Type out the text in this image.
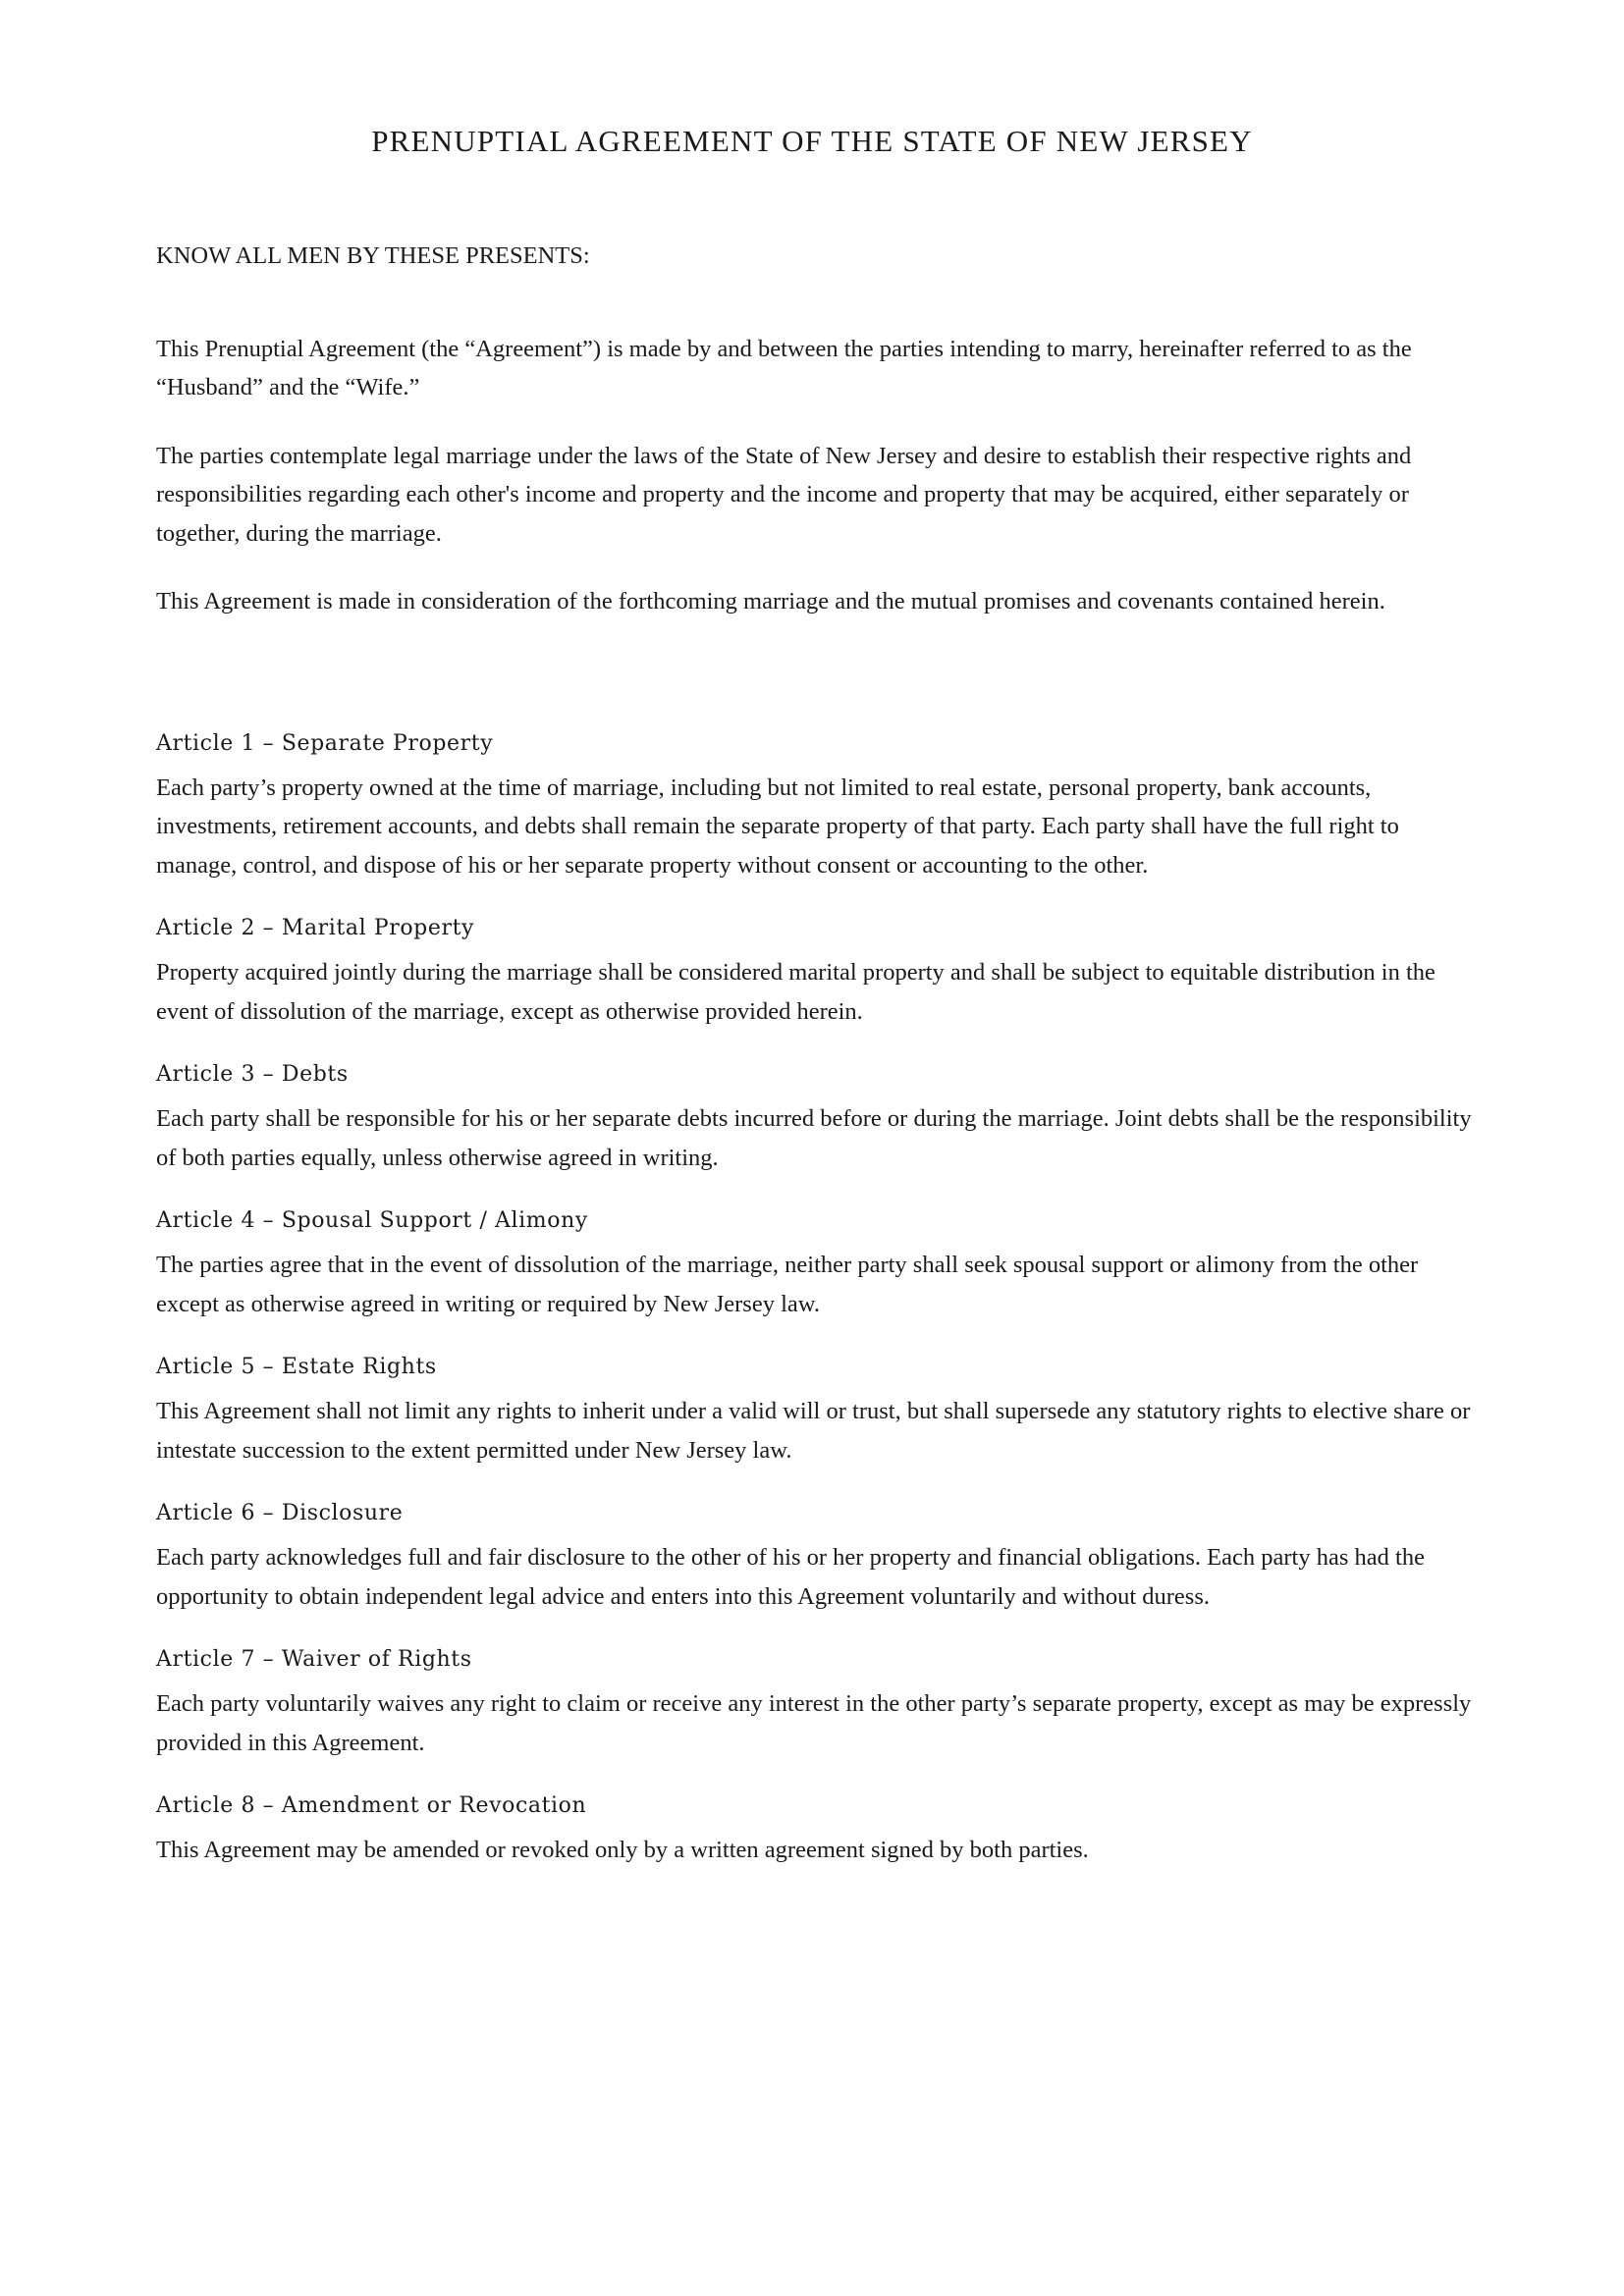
PRENUPTIAL AGREEMENT OF THE STATE OF NEW JERSEY

KNOW ALL MEN BY THESE PRESENTS:

This Prenuptial Agreement (the “Agreement”) is made by and between the parties intending to marry, hereinafter referred to as the “Husband” and the “Wife.”

The parties contemplate legal marriage under the laws of the State of New Jersey and desire to establish their respective rights and responsibilities regarding each other's income and property and the income and property that may be acquired, either separately or together, during the marriage.

This Agreement is made in consideration of the forthcoming marriage and the mutual promises and covenants contained herein.

Article 1 – Separate Property

Each party’s property owned at the time of marriage, including but not limited to real estate, personal property, bank accounts, investments, retirement accounts, and debts shall remain the separate property of that party. Each party shall have the full right to manage, control, and dispose of his or her separate property without consent or accounting to the other.

Article 2 – Marital Property

Property acquired jointly during the marriage shall be considered marital property and shall be subject to equitable distribution in the event of dissolution of the marriage, except as otherwise provided herein.

Article 3 – Debts

Each party shall be responsible for his or her separate debts incurred before or during the marriage. Joint debts shall be the responsibility of both parties equally, unless otherwise agreed in writing.

Article 4 – Spousal Support / Alimony

The parties agree that in the event of dissolution of the marriage, neither party shall seek spousal support or alimony from the other except as otherwise agreed in writing or required by New Jersey law.

Article 5 – Estate Rights

This Agreement shall not limit any rights to inherit under a valid will or trust, but shall supersede any statutory rights to elective share or intestate succession to the extent permitted under New Jersey law.

Article 6 – Disclosure

Each party acknowledges full and fair disclosure to the other of his or her property and financial obligations. Each party has had the opportunity to obtain independent legal advice and enters into this Agreement voluntarily and without duress.

Article 7 – Waiver of Rights

Each party voluntarily waives any right to claim or receive any interest in the other party’s separate property, except as may be expressly provided in this Agreement.

Article 8 – Amendment or Revocation

This Agreement may be amended or revoked only by a written agreement signed by both parties.
